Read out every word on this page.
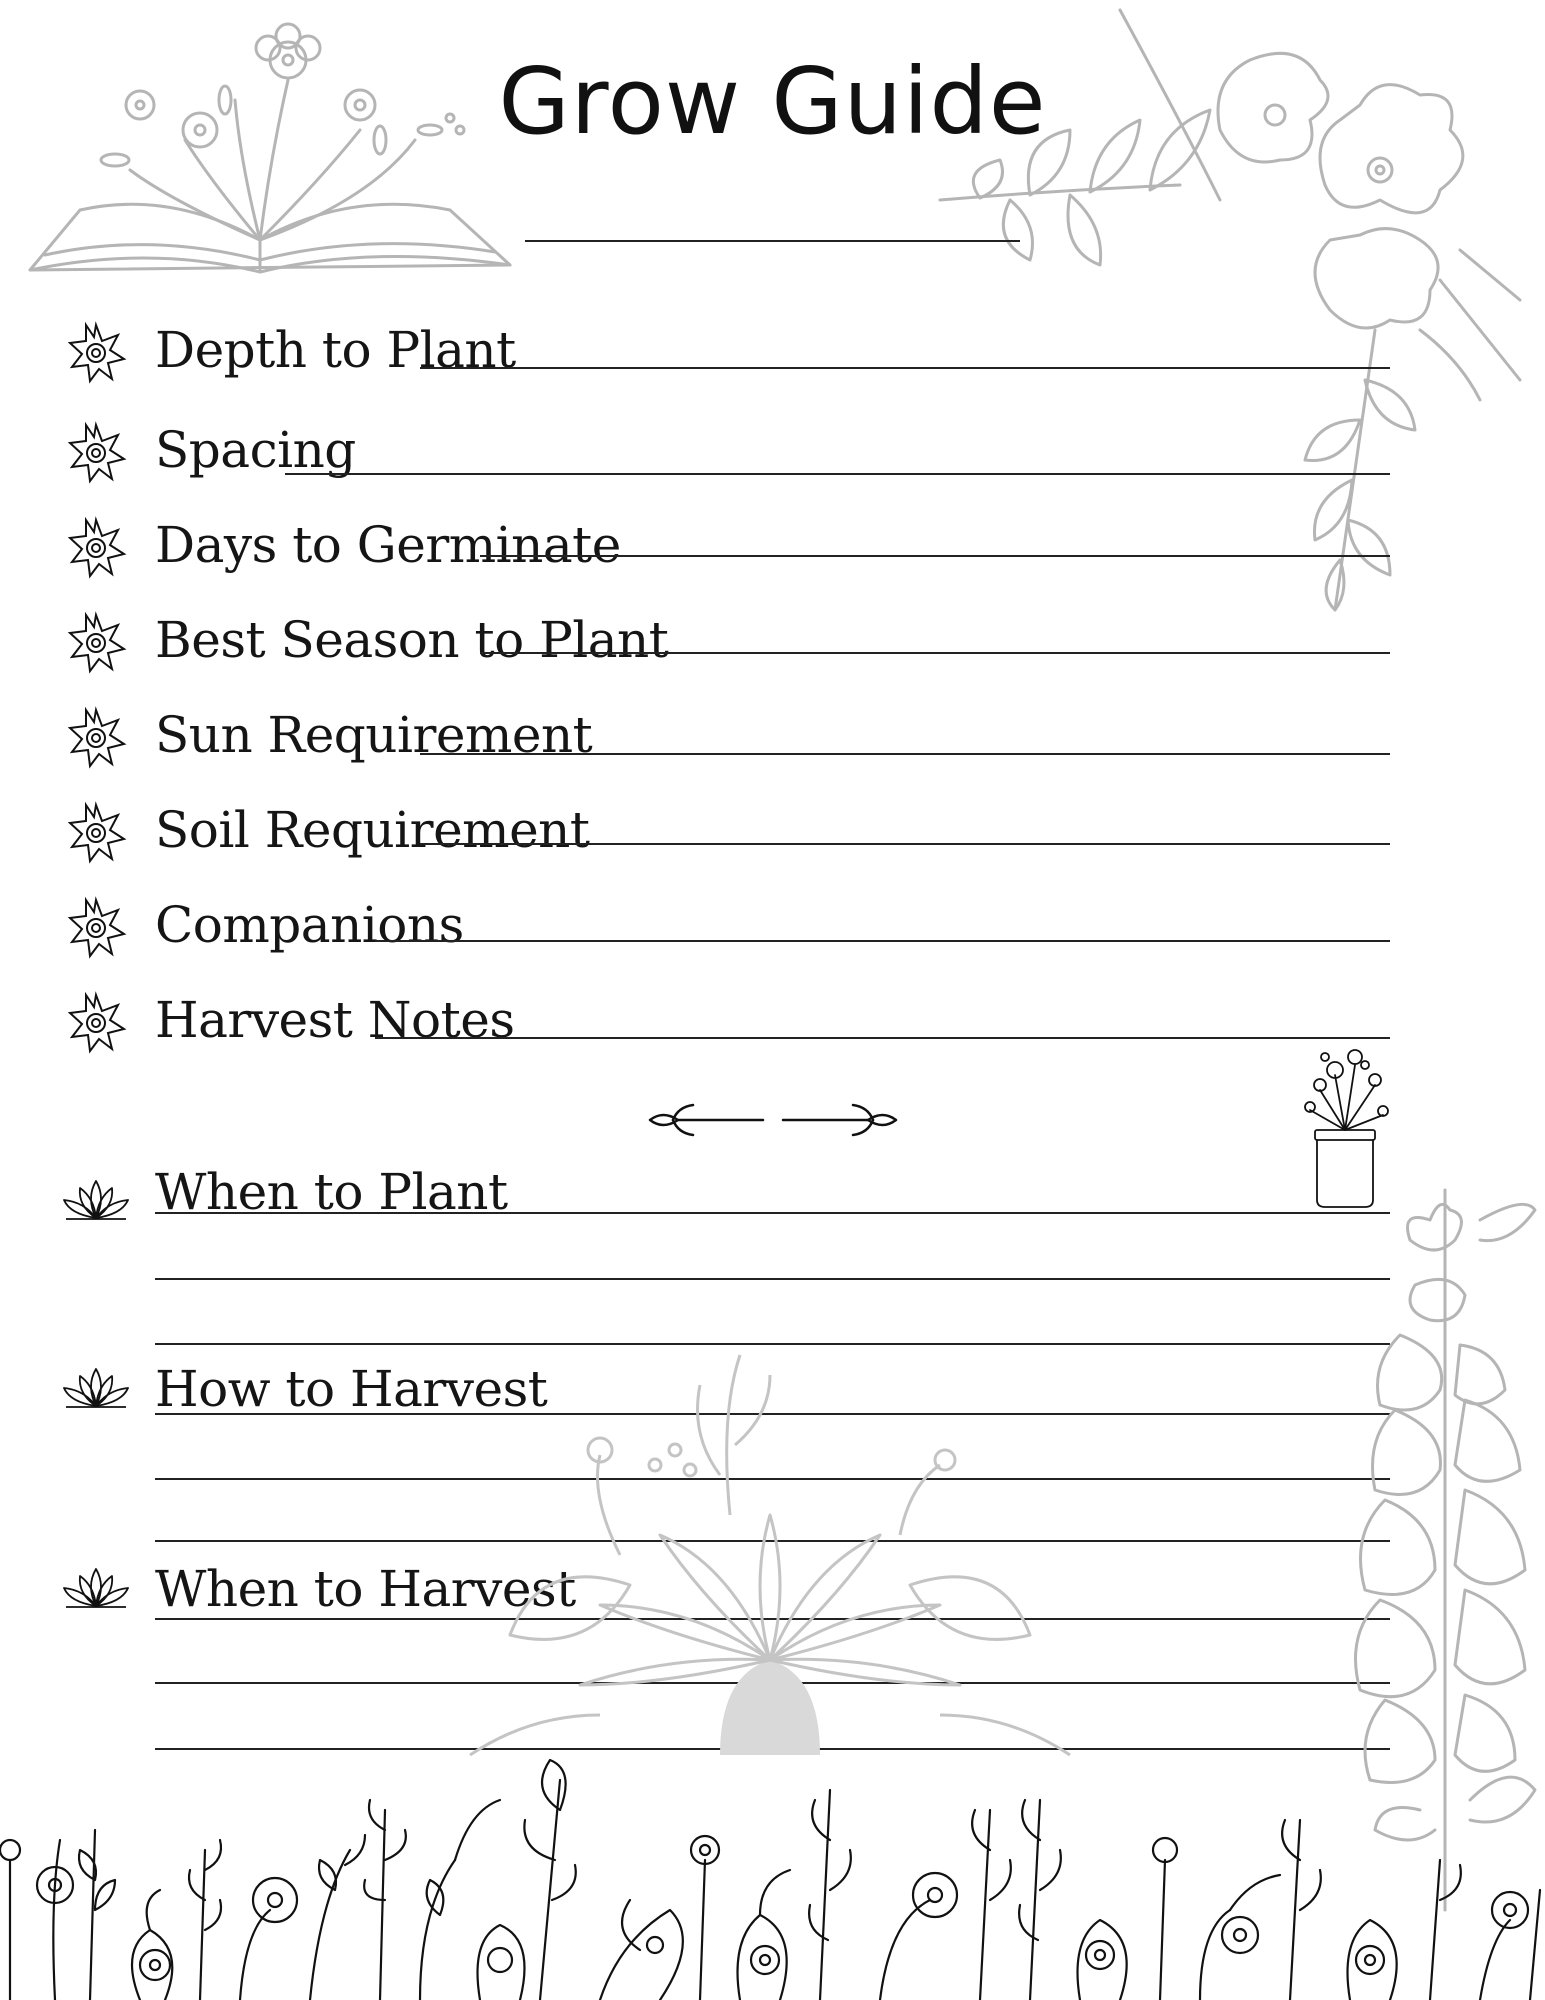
Grow Guide
Depth to Plant
Spacing
Days to Germinate
Best Season to Plant
Sun Requirement
Soil Requirement
Companions
Harvest Notes
When to Plant
How to Harvest
When to Harvest
